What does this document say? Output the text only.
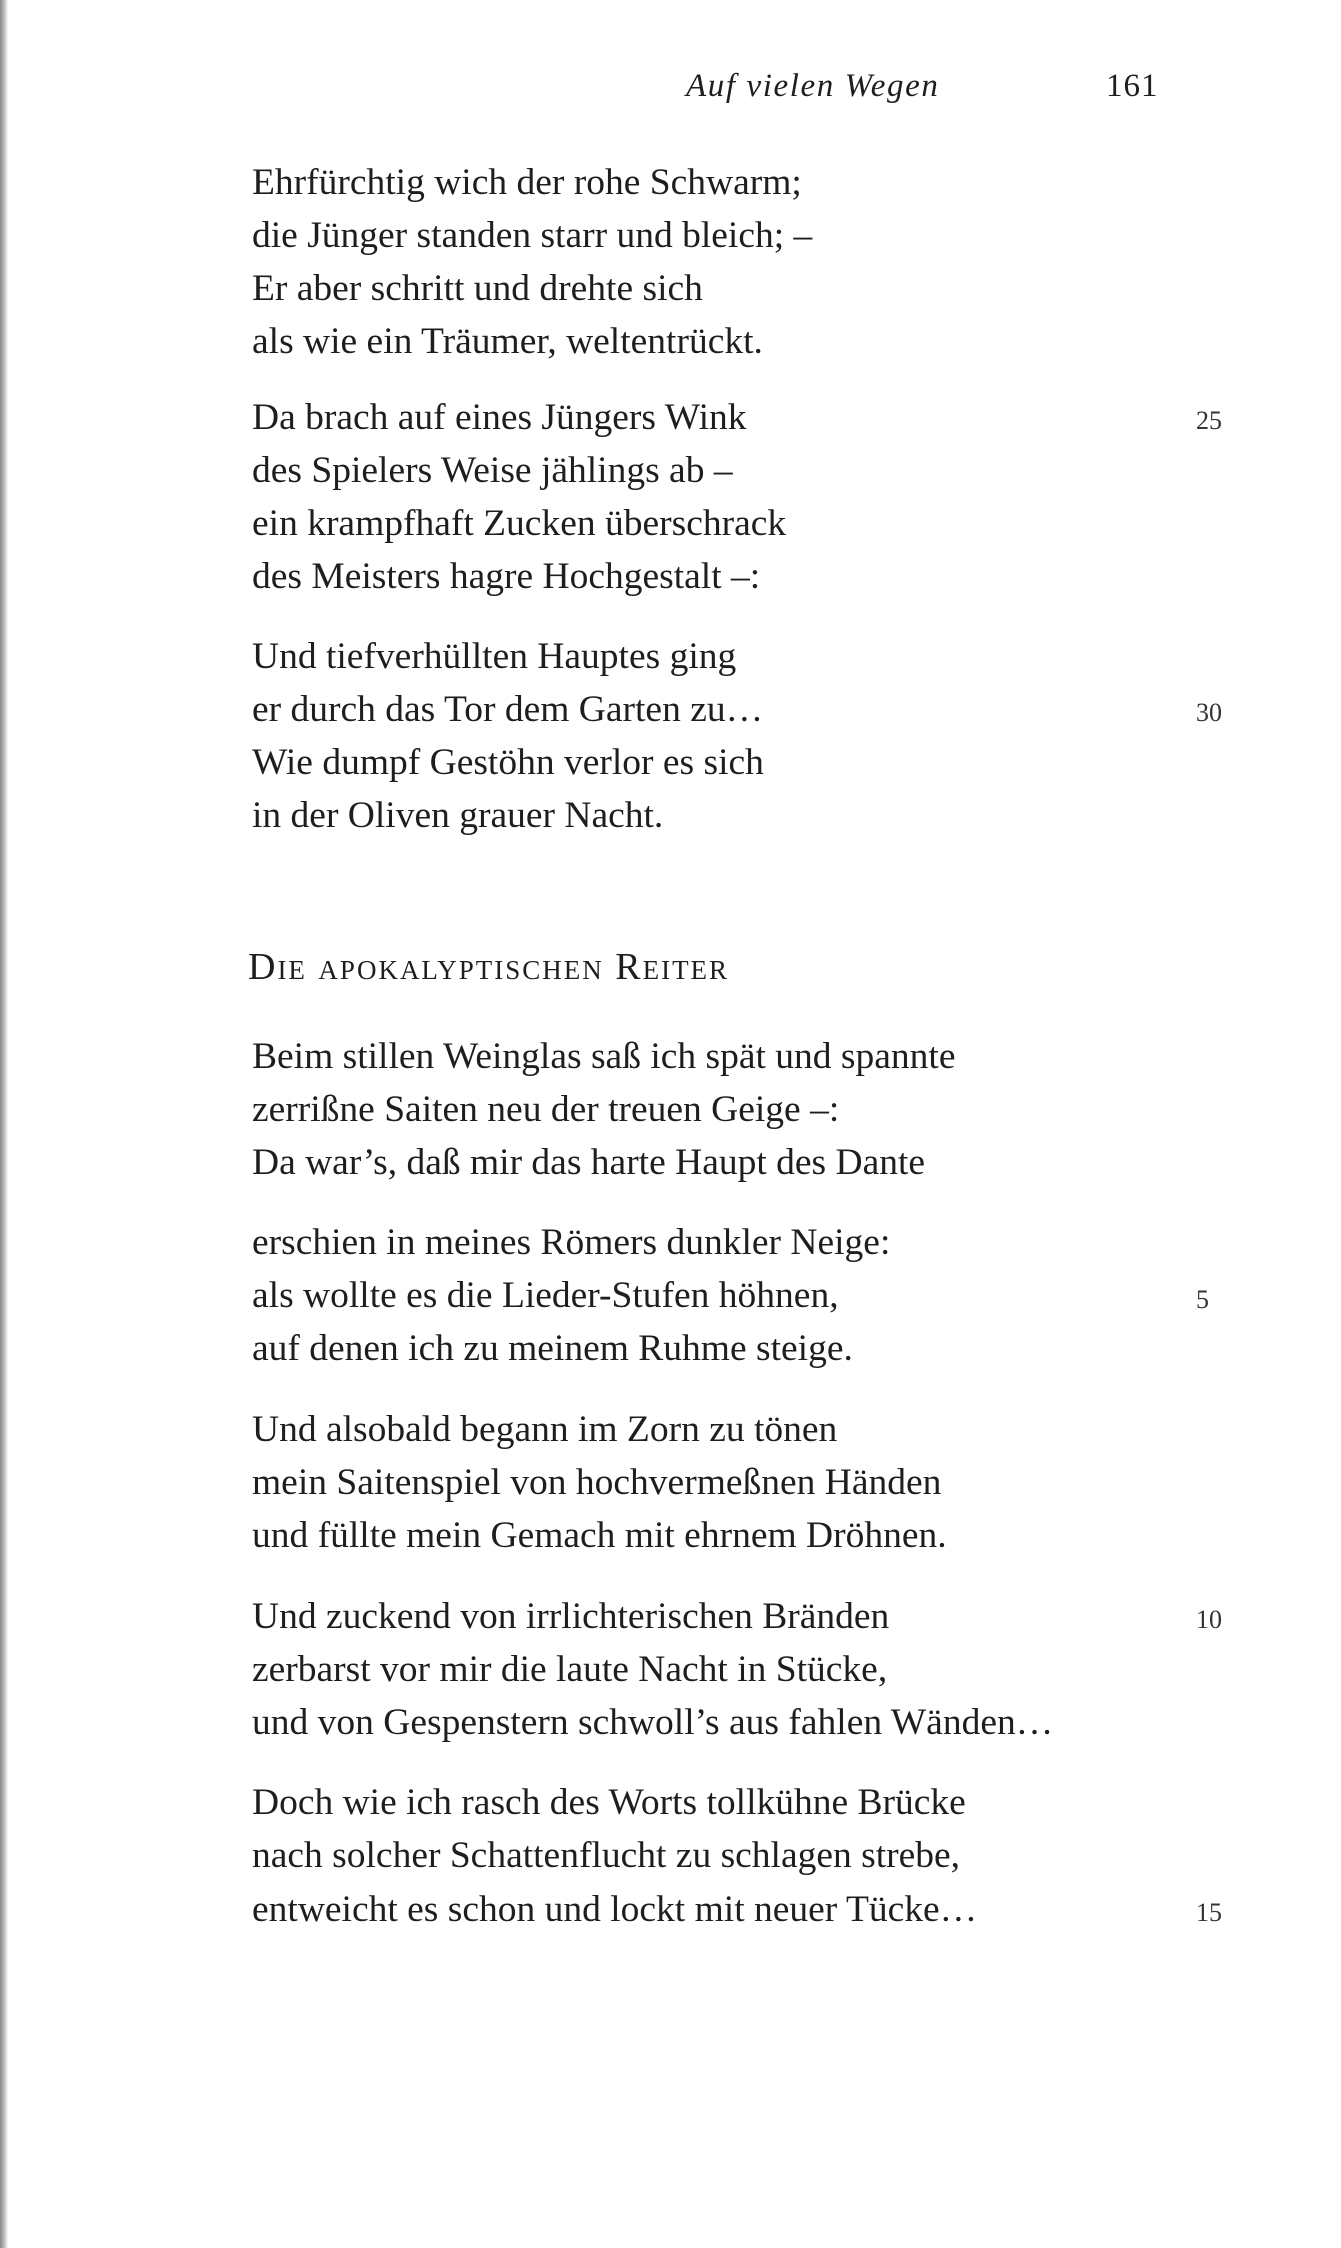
Auf vielen Wegen	161
Ehrfürchtig wich der rohe Schwarm;
die Jünger standen starr und bleich; –
Er aber schritt und drehte sich
als wie ein Träumer, weltentrückt.
Da brach auf eines Jüngers Wink
des Spielers Weise jählings ab –
ein krampfhaft Zucken überschrack
des Meisters hagre Hochgestalt –:
Und tiefverhüllten Hauptes ging
er durch das Tor dem Garten zu…
Wie dumpf Gestöhn verlor es sich
in der Oliven grauer Nacht.
25
30
Die apokalyptischen Reiter
Beim stillen Weinglas saß ich spät und spannte
zerrißne Saiten neu der treuen Geige –:
Da war’s, daß mir das harte Haupt des Dante
erschien in meines Römers dunkler Neige:
als wollte es die Lieder-Stufen höhnen,
auf denen ich zu meinem Ruhme steige.
Und alsobald begann im Zorn zu tönen
mein Saitenspiel von hochvermeßnen Händen
und füllte mein Gemach mit ehrnem Dröhnen.
Und zuckend von irrlichterischen Bränden
zerbarst vor mir die laute Nacht in Stücke,
und von Gespenstern schwoll’s aus fahlen Wänden…
Doch wie ich rasch des Worts tollkühne Brücke
nach solcher Schattenflucht zu schlagen strebe,
entweicht es schon und lockt mit neuer Tücke…
5
10
15
